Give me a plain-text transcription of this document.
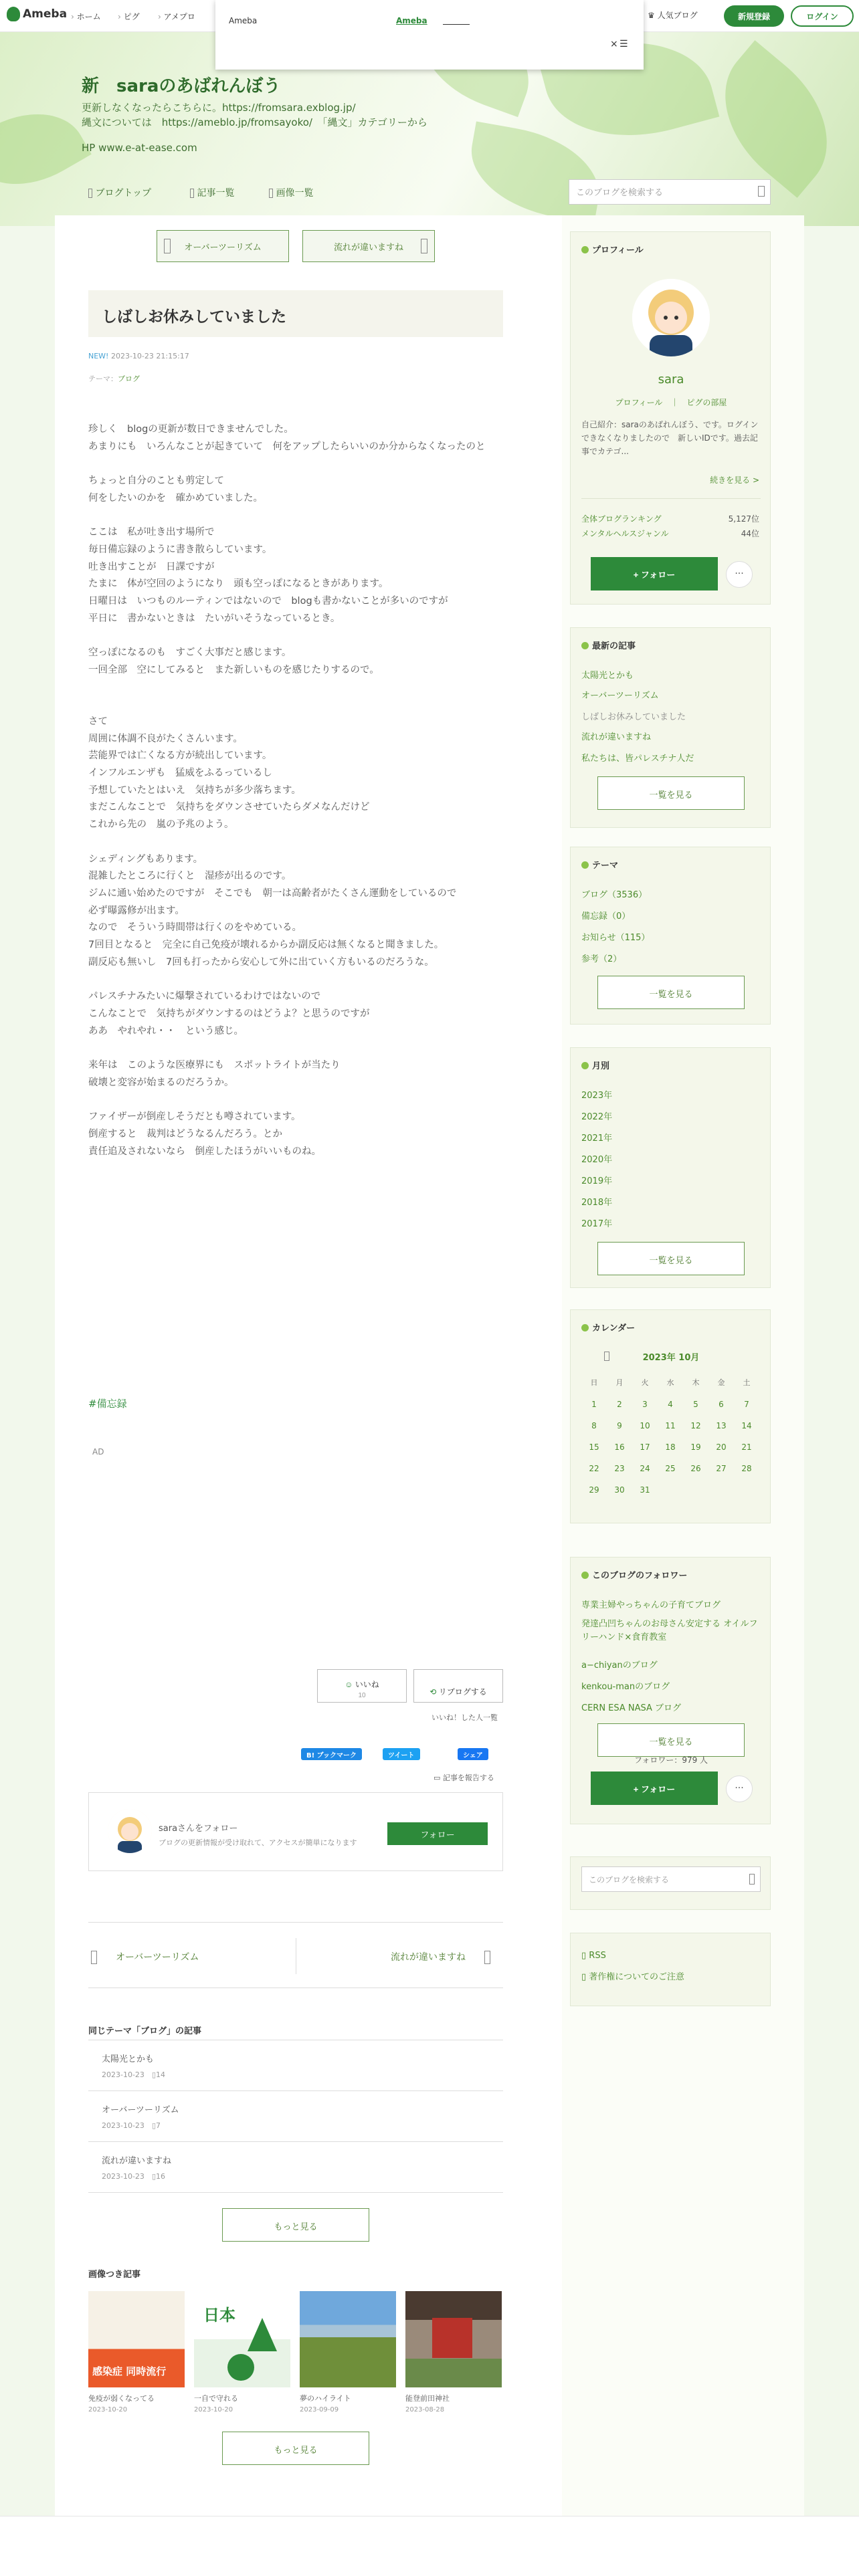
Ameba	› ホーム	› ピグ	› アメプロ	♛ 人気ブログ	新規登録	ログイン
新　saraのあばれんぼう
更新しなくなったらこちらに。https://fromsara.exblog.jp/
縄文については　https://ameblo.jp/fromsayoko/　「縄文」カテゴリーから
HP www.e-at-ease.com
ブログトップ	記事一覧	画像一覧	このブログを検索する
Ameba	Ameba
× ☰
オーバーツーリズム	流れが違いますね
しばしお休みしていました
NEW! 2023-10-23 21:15:17
テーマ：ブログ
珍しく　blogの更新が数日できませんでした。
あまりにも　いろんなことが起きていて　何をアップしたらいいのか分からなくなったのと

ちょっと自分のことも剪定して
何をしたいのかを　確かめていました。

ここは　私が吐き出す場所で
毎日備忘録のように書き散らしています。
吐き出すことが　日課ですが
たまに　体が空回のようになり　頭も空っぽになるときがあります。
日曜日は　いつものルーティンではないので　blogも書かないことが多いのですが
平日に　書かないときは　たいがいそうなっているとき。

空っぽになるのも　すごく大事だと感じます。
一回全部　空にしてみると　また新しいものを感じたりするので。

さて
周囲に体調不良がたくさんいます。
芸能界では亡くなる方が続出しています。
インフルエンザも　猛威をふるっているし
予想していたとはいえ　気持ちが多少落ちます。
まだこんなことで　気持ちをダウンさせていたらダメなんだけど
これから先の　嵐の予兆のよう。

シェディングもあります。
混雑したところに行くと　湿疹が出るのです。
ジムに通い始めたのですが　そこでも　朝一は高齢者がたくさん運動をしているので
必ず曝露修が出ます。
なので　そういう時間帯は行くのをやめている。
7回目となると　完全に自己免疫が壊れるからか副反応は無くなると聞きました。
副反応も無いし　7回も打ったから安心して外に出ていく方もいるのだろうな。

パレスチナみたいに爆撃されているわけではないので
こんなことで　気持ちがダウンするのはどうよ？と思うのですが
ああ　やれやれ・・　という感じ。

来年は　このような医療界にも　スポットライトが当たり
破壊と変容が始まるのだろうか。

ファイザーが倒産しそうだとも噂されています。
倒産すると　裁判はどうなるんだろう。とか
責任追及されないなら　倒産したほうがいいものね。
#備忘録
AD
☺ いいね
10	⟲ リブログする
いいね！した人一覧
B! ブックマーク	ツイート	シェア
▭ 記事を報告する
saraさんをフォロー
ブログの更新情報が受け取れて、アクセスが簡単になります
フォロー
　　オーバーツーリズム	流れが違いますね　　
同じテーマ「ブログ」の記事
太陽光とかも
2023-10-23　 ▯14
オーバーツーリズム
2023-10-23　 ▯7
流れが違いますね
2023-10-23　 ▯16
もっと見る
画像つき記事
感染症 同時流行
日本
免疫が弱くなってる
2023-10-20
一自で守れる
2023-10-20
夢のハイライト
2023-09-09
能登前田神社
2023-08-28
もっと見る
プロフィール
sara
プロフィール　｜　ピグの部屋
自己紹介：saraのあばれんぼう、です。ログインできなくなりましたので　新しいIDです。過去記事でカテゴ...
続きを見る >
全体ブログランキング	5,127位
メンタルヘルスジャンル	44位
+ フォロー	···
最新の記事
太陽光とかも
オーバーツーリズム
しばしお休みしていました
流れが違いますね
私たちは、皆パレスチナ人だ
一覧を見る
テーマ
ブログ（3536）
備忘録（0）
お知らせ（115）
参考（2）
一覧を見る
月別
2023年
2022年
2021年
2020年
2019年
2018年
2017年
一覧を見る
カレンダー
2023年 10月
日	月	火	水	木	金	土
1	2	3	4	5	6	7
8	9	10	11	12	13	14
15	16	17	18	19	20	21
22	23	24	25	26	27	28
29	30	31
このブログのフォロワー
専業主婦やっちゃんの子育てブログ
発達凸凹ちゃんのお母さん安定する オイルフリーハンド×食育教室
a−chiyanのブログ
kenkou-manのブログ
CERN ESA NASA ブログ
一覧を見る
フォロワー：979 人
+ フォロー	···
このブログを検索する
▯ RSS
▯ 著作権についてのご注意
